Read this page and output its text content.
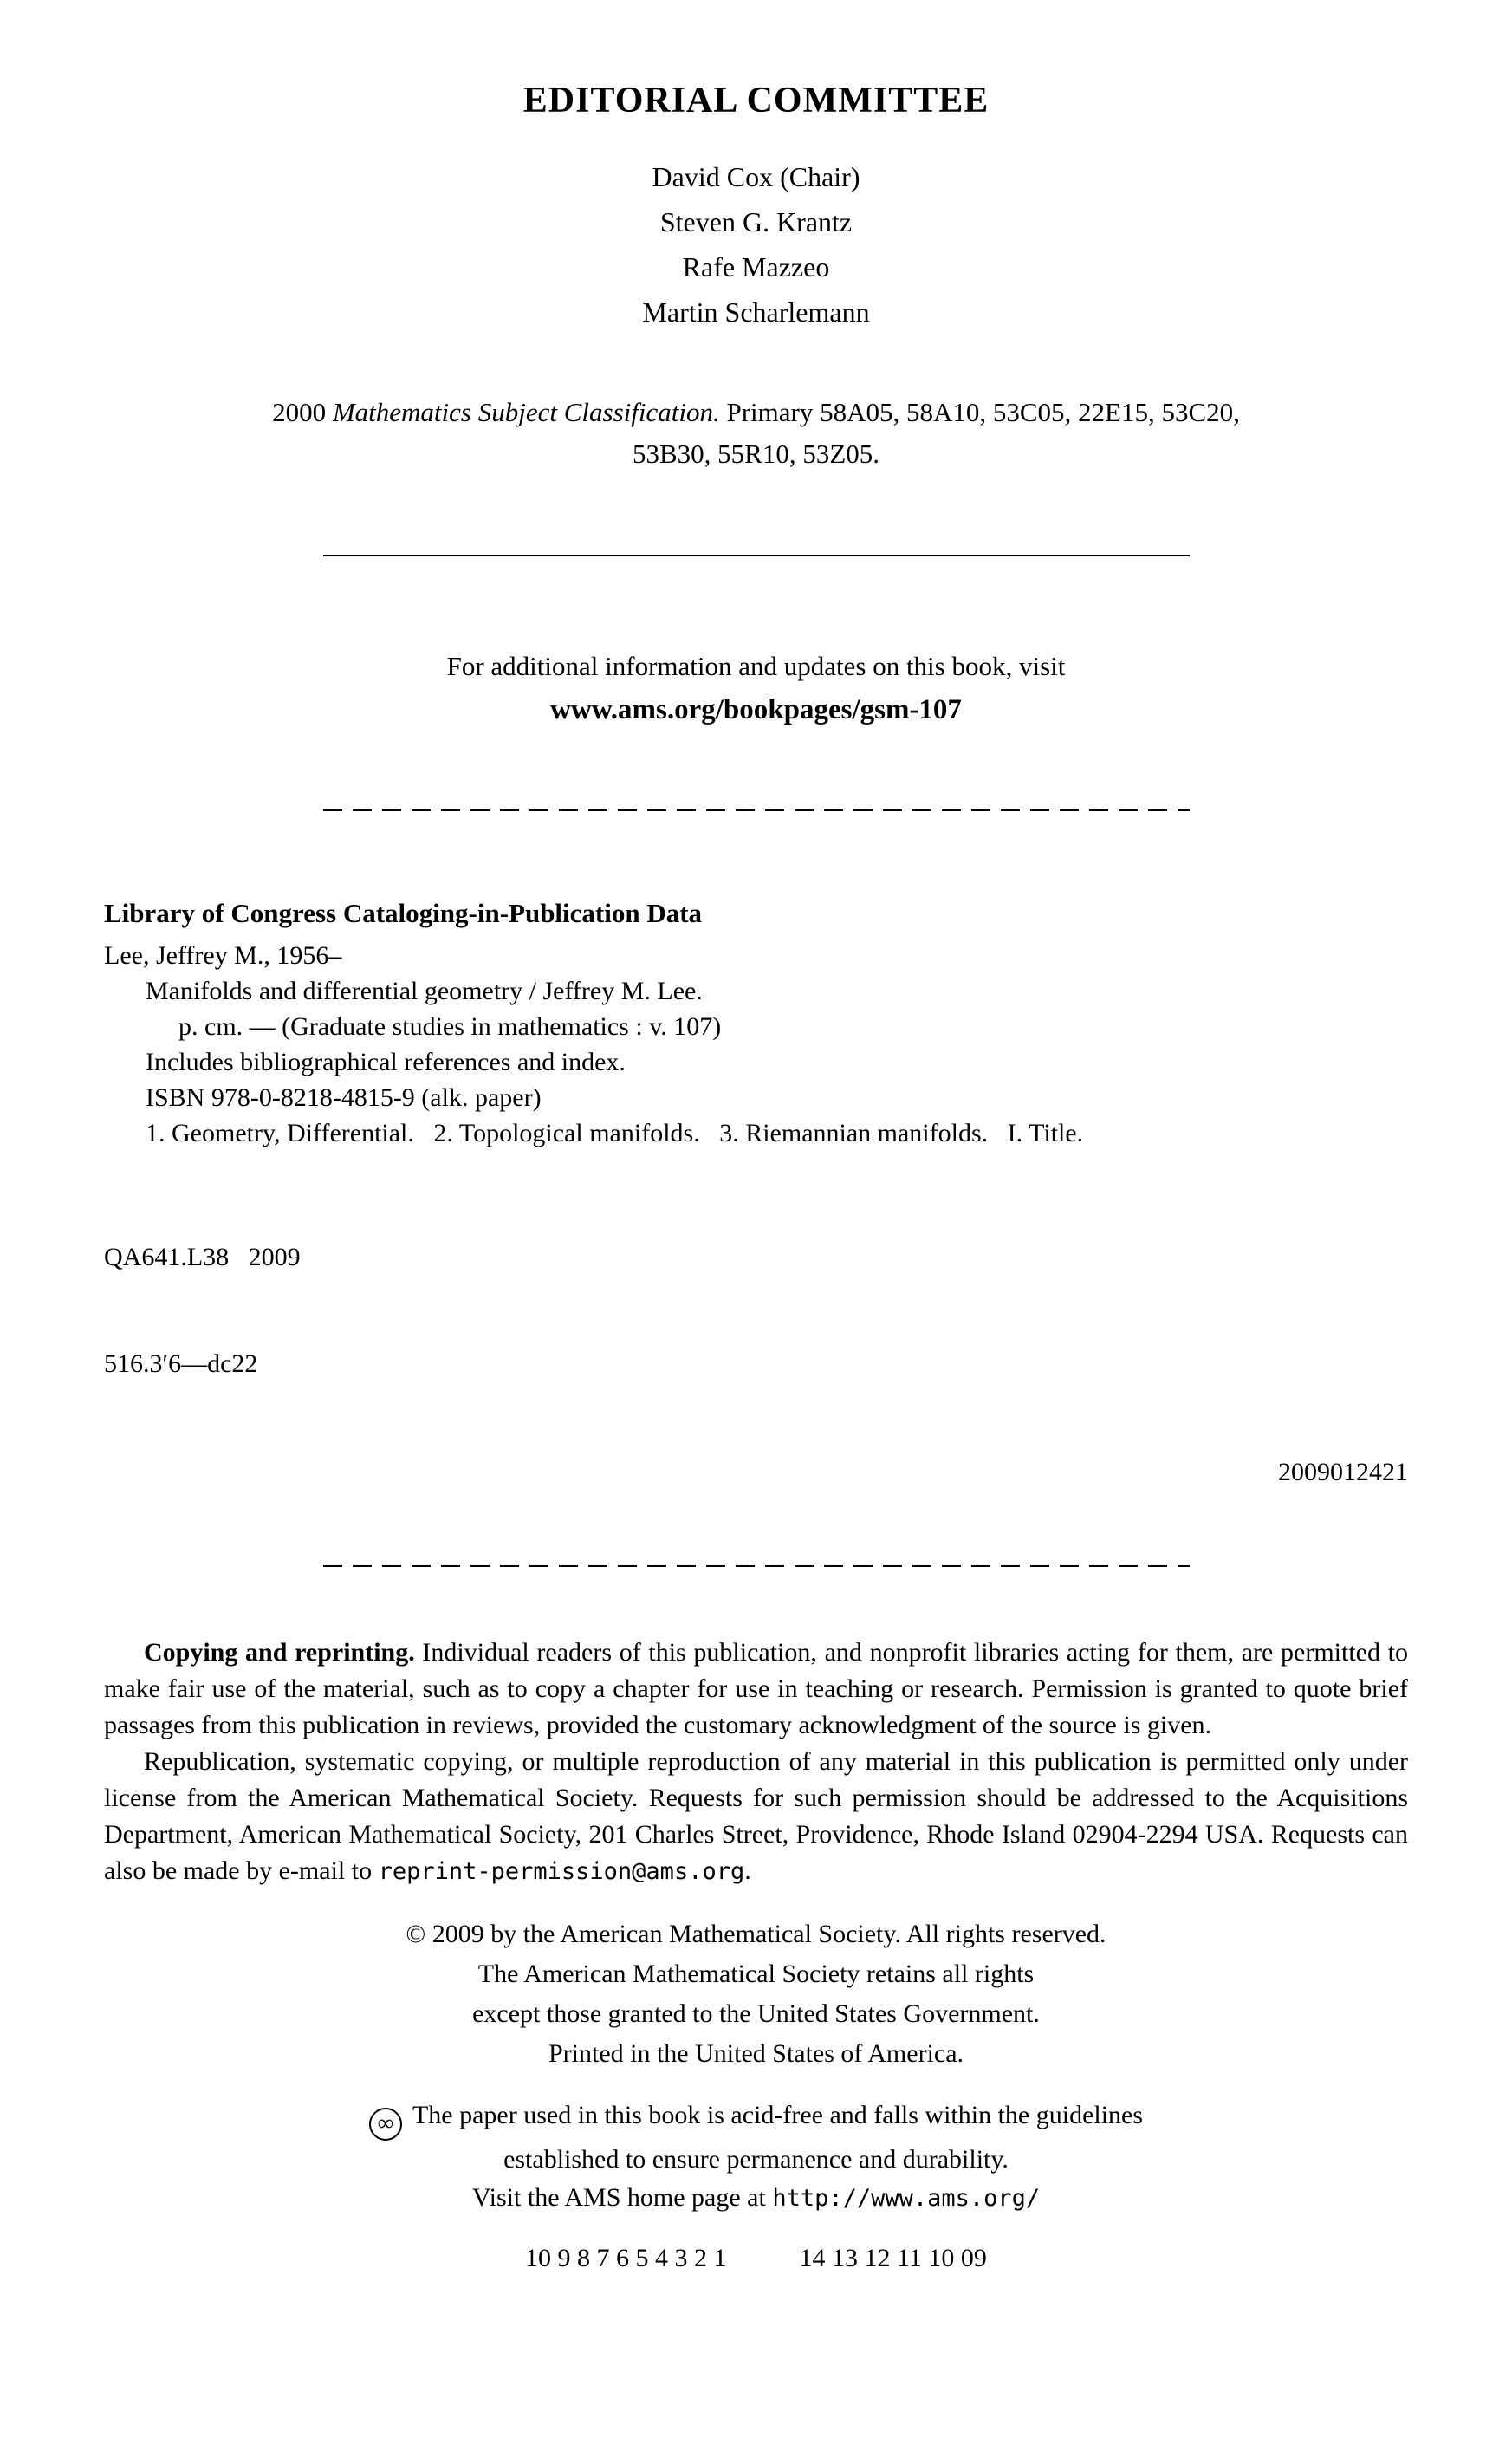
EDITORIAL COMMITTEE
David Cox (Chair)
Steven G. Krantz
Rafe Mazzeo
Martin Scharlemann
2000 Mathematics Subject Classification. Primary 58A05, 58A10, 53C05, 22E15, 53C20,
53B30, 55R10, 53Z05.
For additional information and updates on this book, visit
www.ams.org/bookpages/gsm-107
Library of Congress Cataloging-in-Publication Data
Lee, Jeffrey M., 1956–
Manifolds and differential geometry / Jeffrey M. Lee.
p. cm. — (Graduate studies in mathematics : v. 107)
Includes bibliographical references and index.
ISBN 978-0-8218-4815-9 (alk. paper)
1. Geometry, Differential.   2. Topological manifolds.   3. Riemannian manifolds.   I. Title.

QA641.L38   2009

516.3′6—dc22

2009012421

Copying and reprinting. Individual readers of this publication, and nonprofit libraries acting for them, are permitted to make fair use of the material, such as to copy a chapter for use in teaching or research. Permission is granted to quote brief passages from this publication in reviews, provided the customary acknowledgment of the source is given.

Republication, systematic copying, or multiple reproduction of any material in this publication is permitted only under license from the American Mathematical Society. Requests for such permission should be addressed to the Acquisitions Department, American Mathematical Society, 201 Charles Street, Providence, Rhode Island 02904-2294 USA. Requests can also be made by e-mail to reprint-permission@ams.org.

© 2009 by the American Mathematical Society. All rights reserved.
The American Mathematical Society retains all rights
except those granted to the United States Government.
Printed in the United States of America.
∞ The paper used in this book is acid-free and falls within the guidelines
established to ensure permanence and durability.
Visit the AMS home page at http://www.ams.org/
10 9 8 7 6 5 4 3 2 1	14 13 12 11 10 09
